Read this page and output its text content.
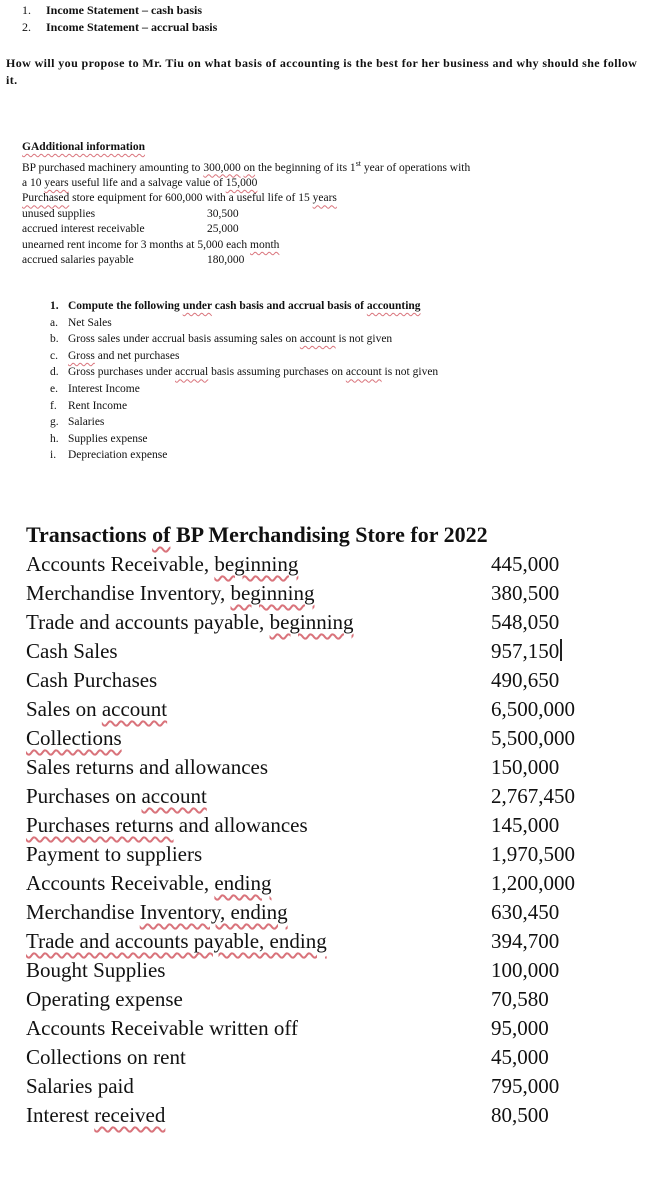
1. Income Statement – cash basis
2. Income Statement – accrual basis
How will you propose to Mr. Tiu on what basis of accounting is the best for her business and why should she follow it.
GAdditional information
BP purchased machinery amounting to 300,000 on the beginning of its 1st year of operations with
a 10 years useful life and a salvage value of 15,000
Purchased store equipment for 600,000 with a useful life of 15 years
unused supplies	30,500
accrued interest receivable	25,000
unearned rent income for 3 months at 5,000 each month
accrued salaries payable	180,000
1. Compute the following under cash basis and accrual basis of accounting
a. Net Sales
b. Gross sales under accrual basis assuming sales on account is not given
c. Gross and net purchases
d. Gross purchases under accrual basis assuming purchases on account is not given
e. Interest Income
f. Rent Income
g. Salaries
h. Supplies expense
i.	Depreciation expense
Transactions of BP Merchandising Store for 2022
Accounts Receivable, beginning	445,000
Merchandise Inventory, beginning	380,500
Trade and accounts payable, beginning	548,050
Cash Sales	957,150
Cash Purchases	490,650
Sales on account	6,500,000
Collections	5,500,000
Sales returns and allowances	150,000
Purchases on account	2,767,450
Purchases returns and allowances	145,000
Payment to suppliers	1,970,500
Accounts Receivable, ending	1,200,000
Merchandise Inventory, ending	630,450
Trade and accounts payable, ending	394,700
Bought Supplies	100,000
Operating expense	70,580
Accounts Receivable written off	95,000
Collections on rent	45,000
Salaries paid	795,000
Interest received	80,500
